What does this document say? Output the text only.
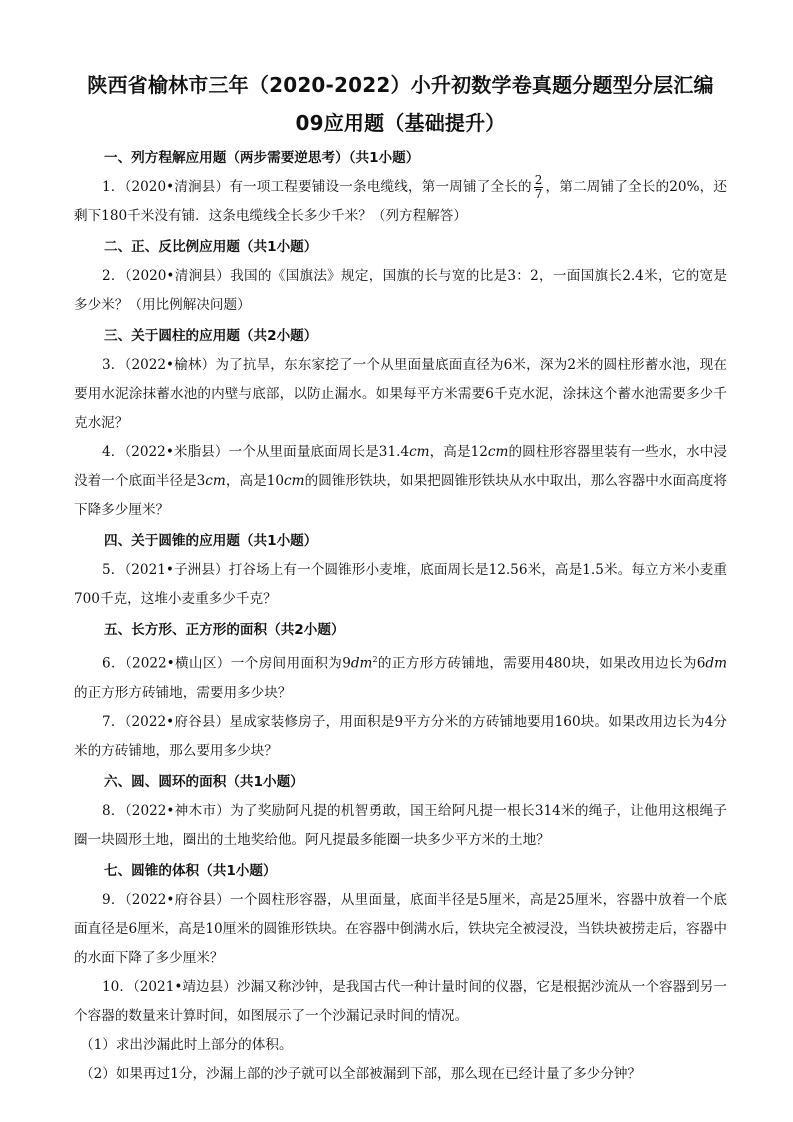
陕西省榆林市三年（2020-2022）小升初数学卷真题分题型分层汇编
09应用题（基础提升）
一、列方程解应用题（两步需要逆思考）（共1小题）

1．（2020•清涧县）有一项工程要铺设一条电缆线，第一周铺了全长的 $\frac{2}{7}$ ，第二周铺了全长的20%，还剩下180千米没有铺．这条电缆线全长多少千米？（列方程解答）

二、正、反比例应用题（共1小题）

2．（2020•清涧县）我国的《国旗法》规定，国旗的长与宽的比是3：2，一面国旗长2.4米，它的宽是多少米？（用比例解决问题）

三、关于圆柱的应用题（共2小题）

3．（2022•榆林）为了抗旱，东东家挖了一个从里面量底面直径为6米，深为2米的圆柱形蓄水池，现在要用水泥涂抹蓄水池的内壁与底部，以防止漏水。如果每平方米需要6千克水泥，涂抹这个蓄水池需要多少千克水泥？

4．（2022•米脂县）一个从里面量底面周长是31.4cm，高是12cm的圆柱形容器里装有一些水，水中浸没着一个底面半径是3cm，高是10cm的圆锥形铁块，如果把圆锥形铁块从水中取出，那么容器中水面高度将下降多少厘米？

四、关于圆锥的应用题（共1小题）

5．（2021•子洲县）打谷场上有一个圆锥形小麦堆，底面周长是12.56米，高是1.5米。每立方米小麦重700千克，这堆小麦重多少千克？

五、长方形、正方形的面积（共2小题）

6．（2022•横山区）一个房间用面积为$9dm^2$的正方形方砖铺地，需要用480块，如果改用边长为6dm的正方形方砖铺地，需要用多少块？

7．（2022•府谷县）星成家装修房子，用面积是9平方分米的方砖铺地要用160块。如果改用边长为4分米的方砖铺地，那么要用多少块？

六、圆、圆环的面积（共1小题）

8．（2022•神木市）为了奖励阿凡提的机智勇敢，国王给阿凡提一根长314米的绳子，让他用这根绳子圈一块圆形土地，圈出的土地奖给他。阿凡提最多能圈一块多少平方米的土地？

七、圆锥的体积（共1小题）

9．（2022•府谷县）一个圆柱形容器，从里面量，底面半径是5厘米，高是25厘米，容器中放着一个底面直径是6厘米，高是10厘米的圆锥形铁块。在容器中倒满水后，铁块完全被浸没，当铁块被捞走后，容器中的水面下降了多少厘米？

10．（2021•靖边县）沙漏又称沙钟，是我国古代一种计量时间的仪器，它是根据沙流从一个容器到另一个容器的数量来计算时间，如图展示了一个沙漏记录时间的情况。

（1）求出沙漏此时上部分的体积。

（2）如果再过1分，沙漏上部的沙子就可以全部被漏到下部，那么现在已经计量了多少分钟？
